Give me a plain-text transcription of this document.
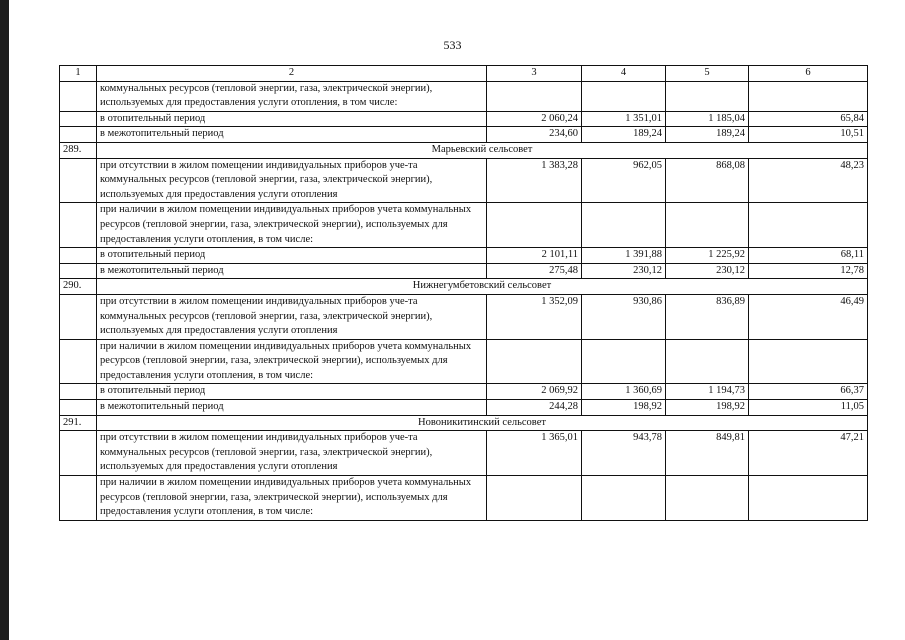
533
1	2	3	4	5	6
	коммунальных ресурсов (тепловой энергии, газа, электрической энергии), используемых для предоставления услуги отопления, в том числе:				
	в отопительный период	2 060,24	1 351,01	1 185,04	65,84
	в межотопительный период	234,60	189,24	189,24	10,51
289.	Марьевский сельсовет				
	при отсутствии в жилом помещении индивидуальных приборов уче-та коммунальных ресурсов (тепловой энергии, газа, электрической энергии), используемых для предоставления услуги отопления	1 383,28	962,05	868,08	48,23
	при наличии в жилом помещении индивидуальных приборов учета коммунальных ресурсов (тепловой энергии, газа, электрической энергии), используемых для предоставления услуги отопления, в том числе:				
	в отопительный период	2 101,11	1 391,88	1 225,92	68,11
	в межотопительный период	275,48	230,12	230,12	12,78
290.	Нижнегумбетовский сельсовет				
	при отсутствии в жилом помещении индивидуальных приборов уче-та коммунальных ресурсов (тепловой энергии, газа, электрической энергии), используемых для предоставления услуги отопления	1 352,09	930,86	836,89	46,49
	при наличии в жилом помещении индивидуальных приборов учета коммунальных ресурсов (тепловой энергии, газа, электрической энергии), используемых для предоставления услуги отопления, в том числе:				
	в отопительный период	2 069,92	1 360,69	1 194,73	66,37
	в межотопительный период	244,28	198,92	198,92	11,05
291.	Новоникитинский сельсовет				
	при отсутствии в жилом помещении индивидуальных приборов уче-та коммунальных ресурсов (тепловой энергии, газа, электрической энергии), используемых для предоставления услуги отопления	1 365,01	943,78	849,81	47,21
	при наличии в жилом помещении индивидуальных приборов учета коммунальных ресурсов (тепловой энергии, газа, электрической энергии), используемых для предоставления услуги отопления, в том числе:				
